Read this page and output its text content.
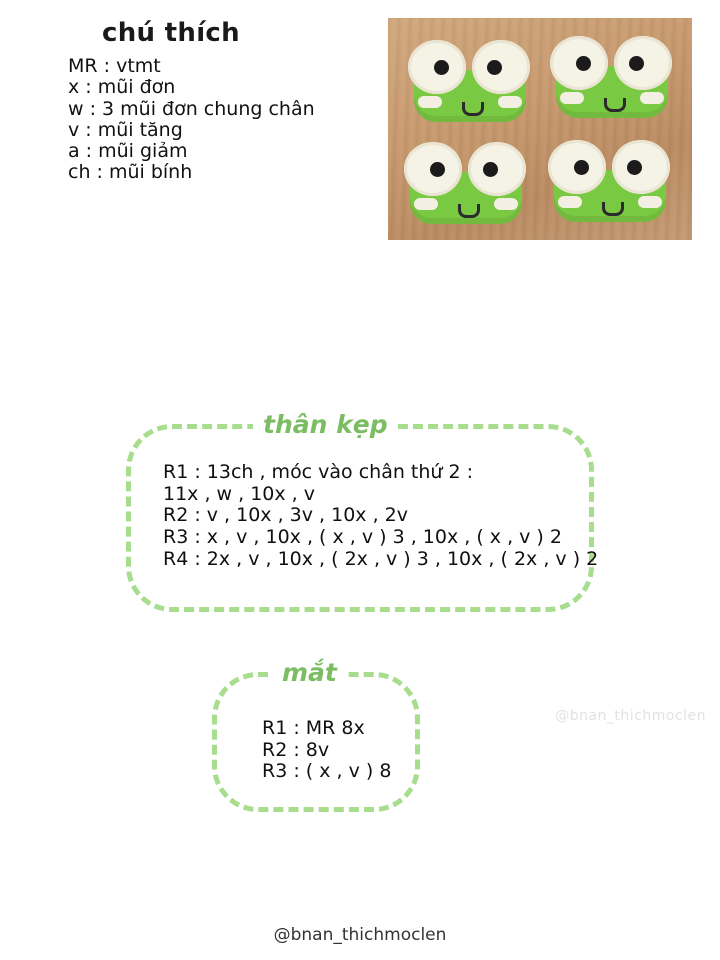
chú thích
MR : vtmt
x : mũi đơn
w : 3 mũi đơn chung chân
v : mũi tăng
a : mũi giảm
ch : mũi bính
thân kẹp
R1 : 13ch , móc vào chân thứ 2 :
11x , w , 10x , v
R2 : v , 10x , 3v , 10x , 2v
R3 : x , v , 10x , ( x , v ) 3 , 10x , ( x , v ) 2
R4 : 2x , v , 10x , ( 2x , v ) 3 , 10x , ( 2x , v ) 2
mắt
R1 : MR 8x
R2 : 8v
R3 : ( x , v ) 8
@bnan_thichmoclen
@bnan_thichmoclen
